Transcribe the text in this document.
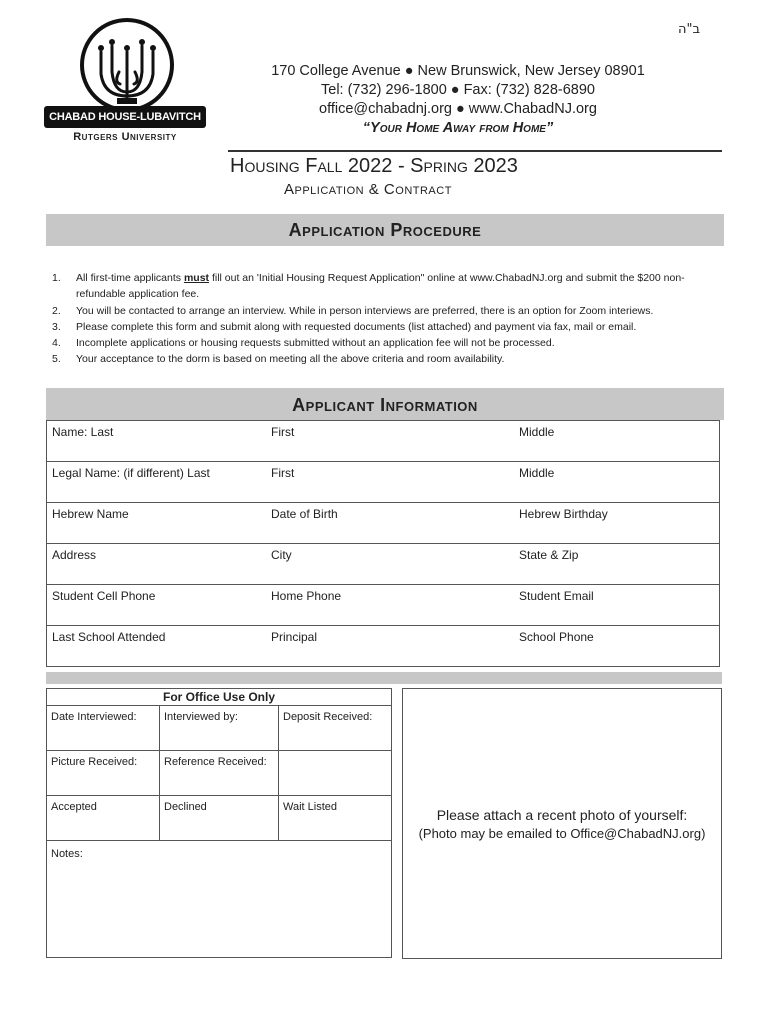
ב"ה
CHABAD HOUSE-LUBAVITCH
Rutgers University
170 College Avenue ● New Brunswick, New Jersey 08901
Tel: (732) 296-1800 ● Fax: (732) 828-6890
office@chabadnj.org ● www.ChabadNJ.org
“Your Home Away from Home”
Housing Fall 2022 - Spring 2023
Application & Contract
Application Procedure
1. All first-time applicants must fill out an 'Initial Housing Request Application" online at www.ChabadNJ.org and submit the $200 non-refundable application fee.
2. You will be contacted to arrange an interview. While in person interviews are preferred, there is an option for Zoom interiews.
3. Please complete this form and submit along with requested documents (list attached) and payment via fax, mail or email.
4. Incomplete applications or housing requests submitted without an application fee will not be processed.
5. Your acceptance to the dorm is based on meeting all the above criteria and room availability.
Applicant Information
Name: Last	First	Middle
Legal Name: (if different) Last	First	Middle
Hebrew Name	Date of Birth	Hebrew Birthday
Address	City	State & Zip
Student Cell Phone	Home Phone	Student Email
Last School Attended	Principal	School Phone
For Office Use Only
Date Interviewed:	Interviewed by:	Deposit Received:
Picture Received:	Reference Received:
Accepted	Declined	Wait Listed
Notes:
Please attach a recent photo of yourself:
(Photo may be emailed to Office@ChabadNJ.org)
